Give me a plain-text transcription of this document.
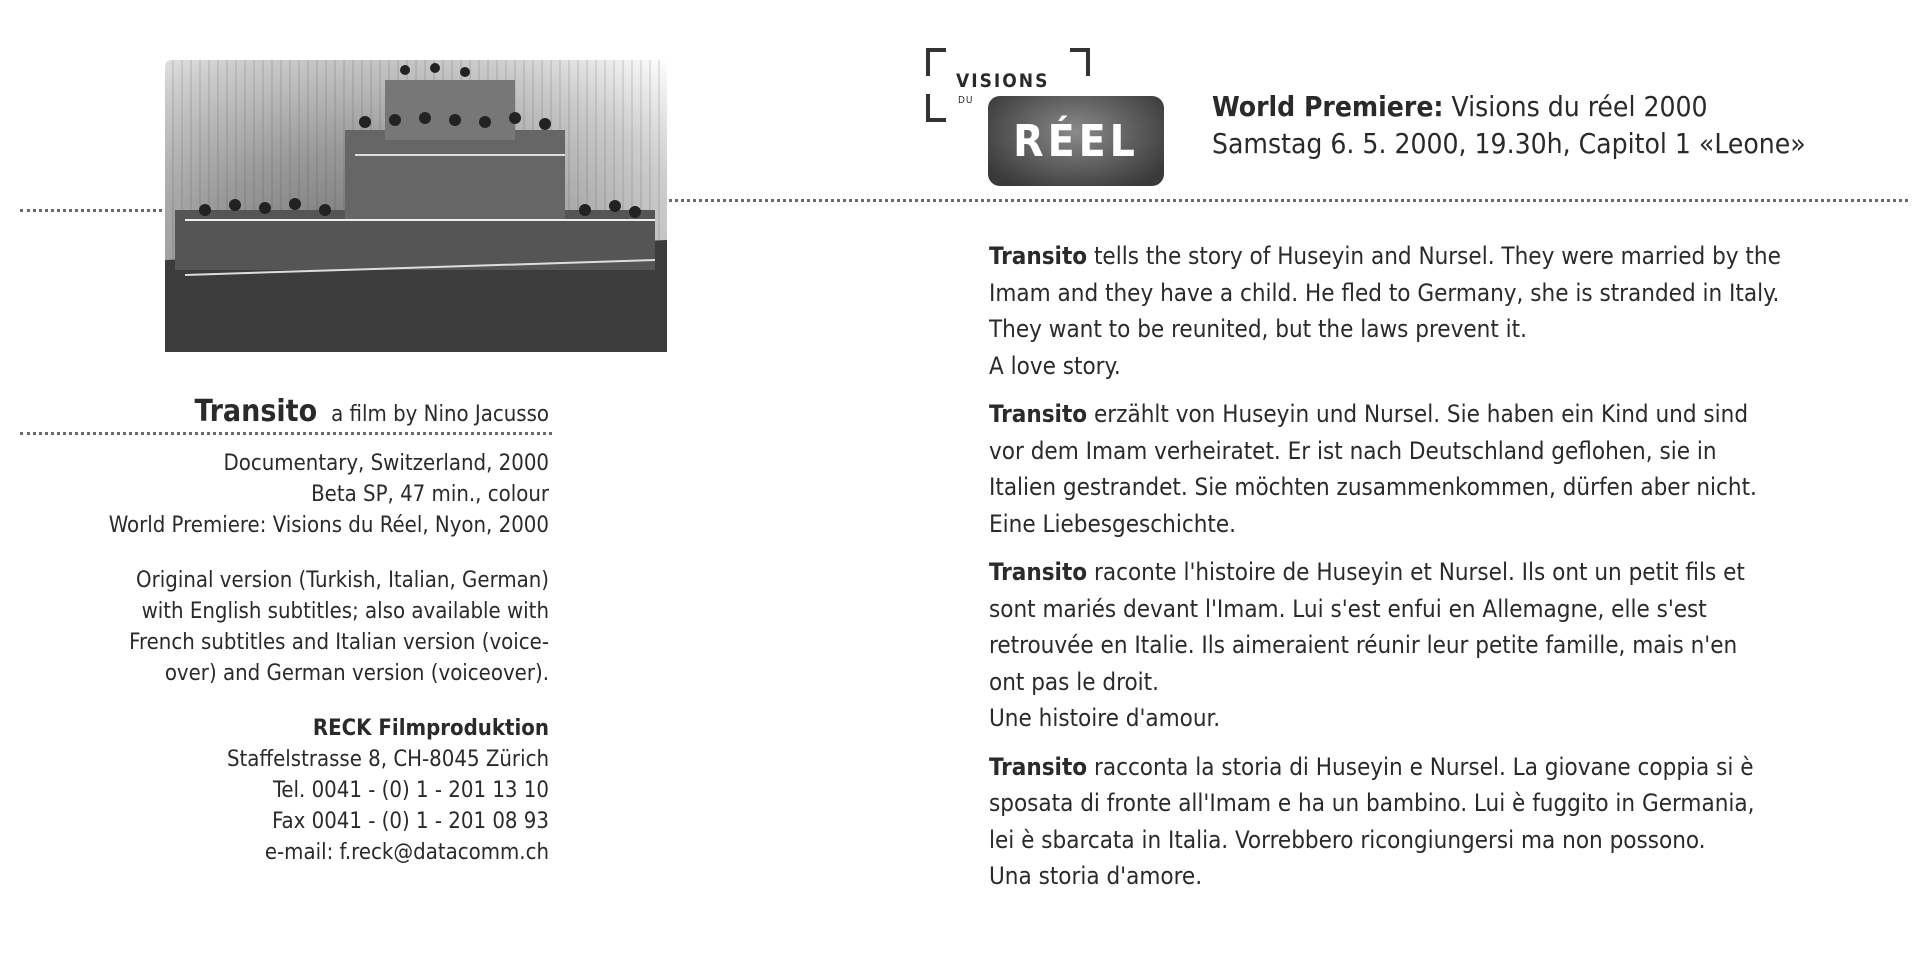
Transito a film by Nino Jacusso
Documentary, Switzerland, 2000
Beta SP, 47 min., colour
World Premiere: Visions du Réel, Nyon, 2000
Original version (Turkish, Italian, German)
with English subtitles; also available with
French subtitles and Italian version (voice-
over) and German version (voiceover).
RECK Filmproduktion
Staffelstrasse 8, CH-8045 Zürich
Tel. 0041 - (0) 1 - 201 13 10
Fax 0041 - (0) 1 - 201 08 93
e-mail: f.reck@datacomm.ch
VISIONS
DU
RÉEL
World Premiere: Visions du réel 2000
Samstag 6. 5. 2000, 19.30h, Capitol 1 «Leone»

Transito tells the story of Huseyin and Nursel. They were married by the
Imam and they have a child. He fled to Germany, she is stranded in Italy.
They want to be reunited, but the laws prevent it.
A love story.

Transito erzählt von Huseyin und Nursel. Sie haben ein Kind und sind
vor dem Imam verheiratet. Er ist nach Deutschland geflohen, sie in
Italien gestrandet. Sie möchten zusammenkommen, dürfen aber nicht.
Eine Liebesgeschichte.

Transito raconte l'histoire de Huseyin et Nursel. Ils ont un petit fils et
sont mariés devant l'Imam. Lui s'est enfui en Allemagne, elle s'est
retrouvée en Italie. Ils aimeraient réunir leur petite famille, mais n'en
ont pas le droit.
Une histoire d'amour.

Transito racconta la storia di Huseyin e Nursel. La giovane coppia si è
sposata di fronte all'Imam e ha un bambino. Lui è fuggito in Germania,
lei è sbarcata in Italia. Vorrebbero ricongiungersi ma non possono.
Una storia d'amore.
